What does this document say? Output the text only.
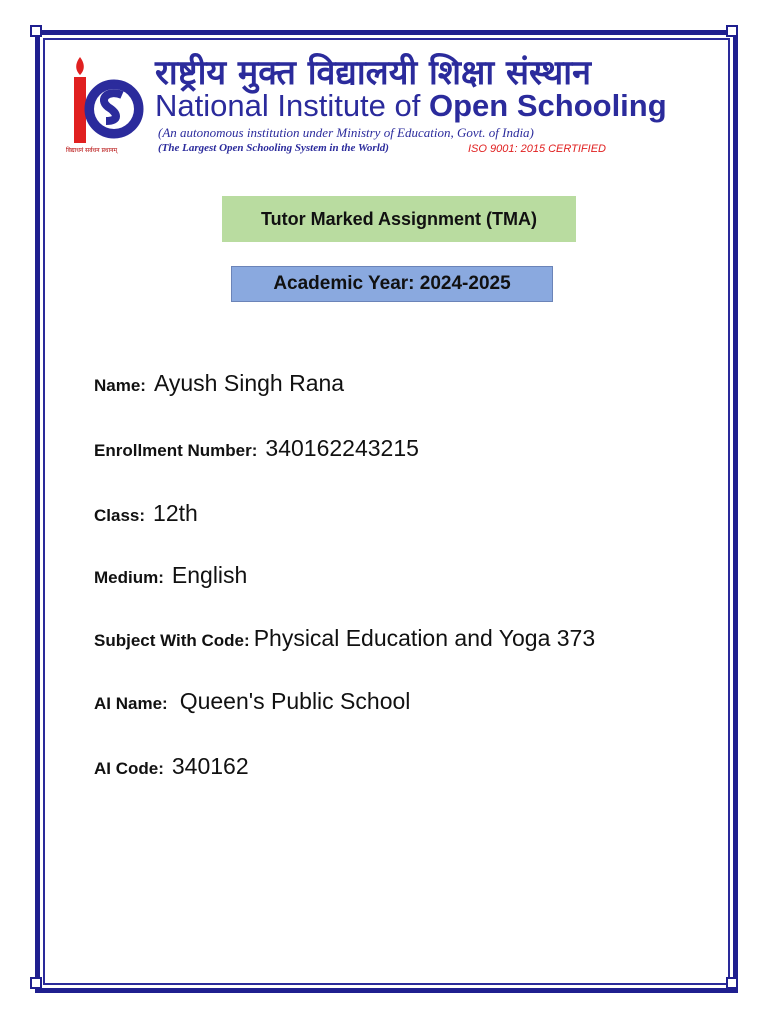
विद्याधनं सर्वधन प्रधानम्
राष्ट्रीय मुक्त विद्यालयी शिक्षा संस्थान
National Institute of Open Schooling
(An autonomous institution under Ministry of Education, Govt. of India)
(The Largest Open Schooling System in the World)	ISO 9001: 2015 CERTIFIED
Tutor Marked Assignment (TMA)
Academic Year: 2024-2025
Name: Ayush Singh Rana
Enrollment Number: 340162243215
Class: 12th
Medium: English
Subject With Code: Physical Education and Yoga 373
AI Name: Queen's Public School
AI Code: 340162
